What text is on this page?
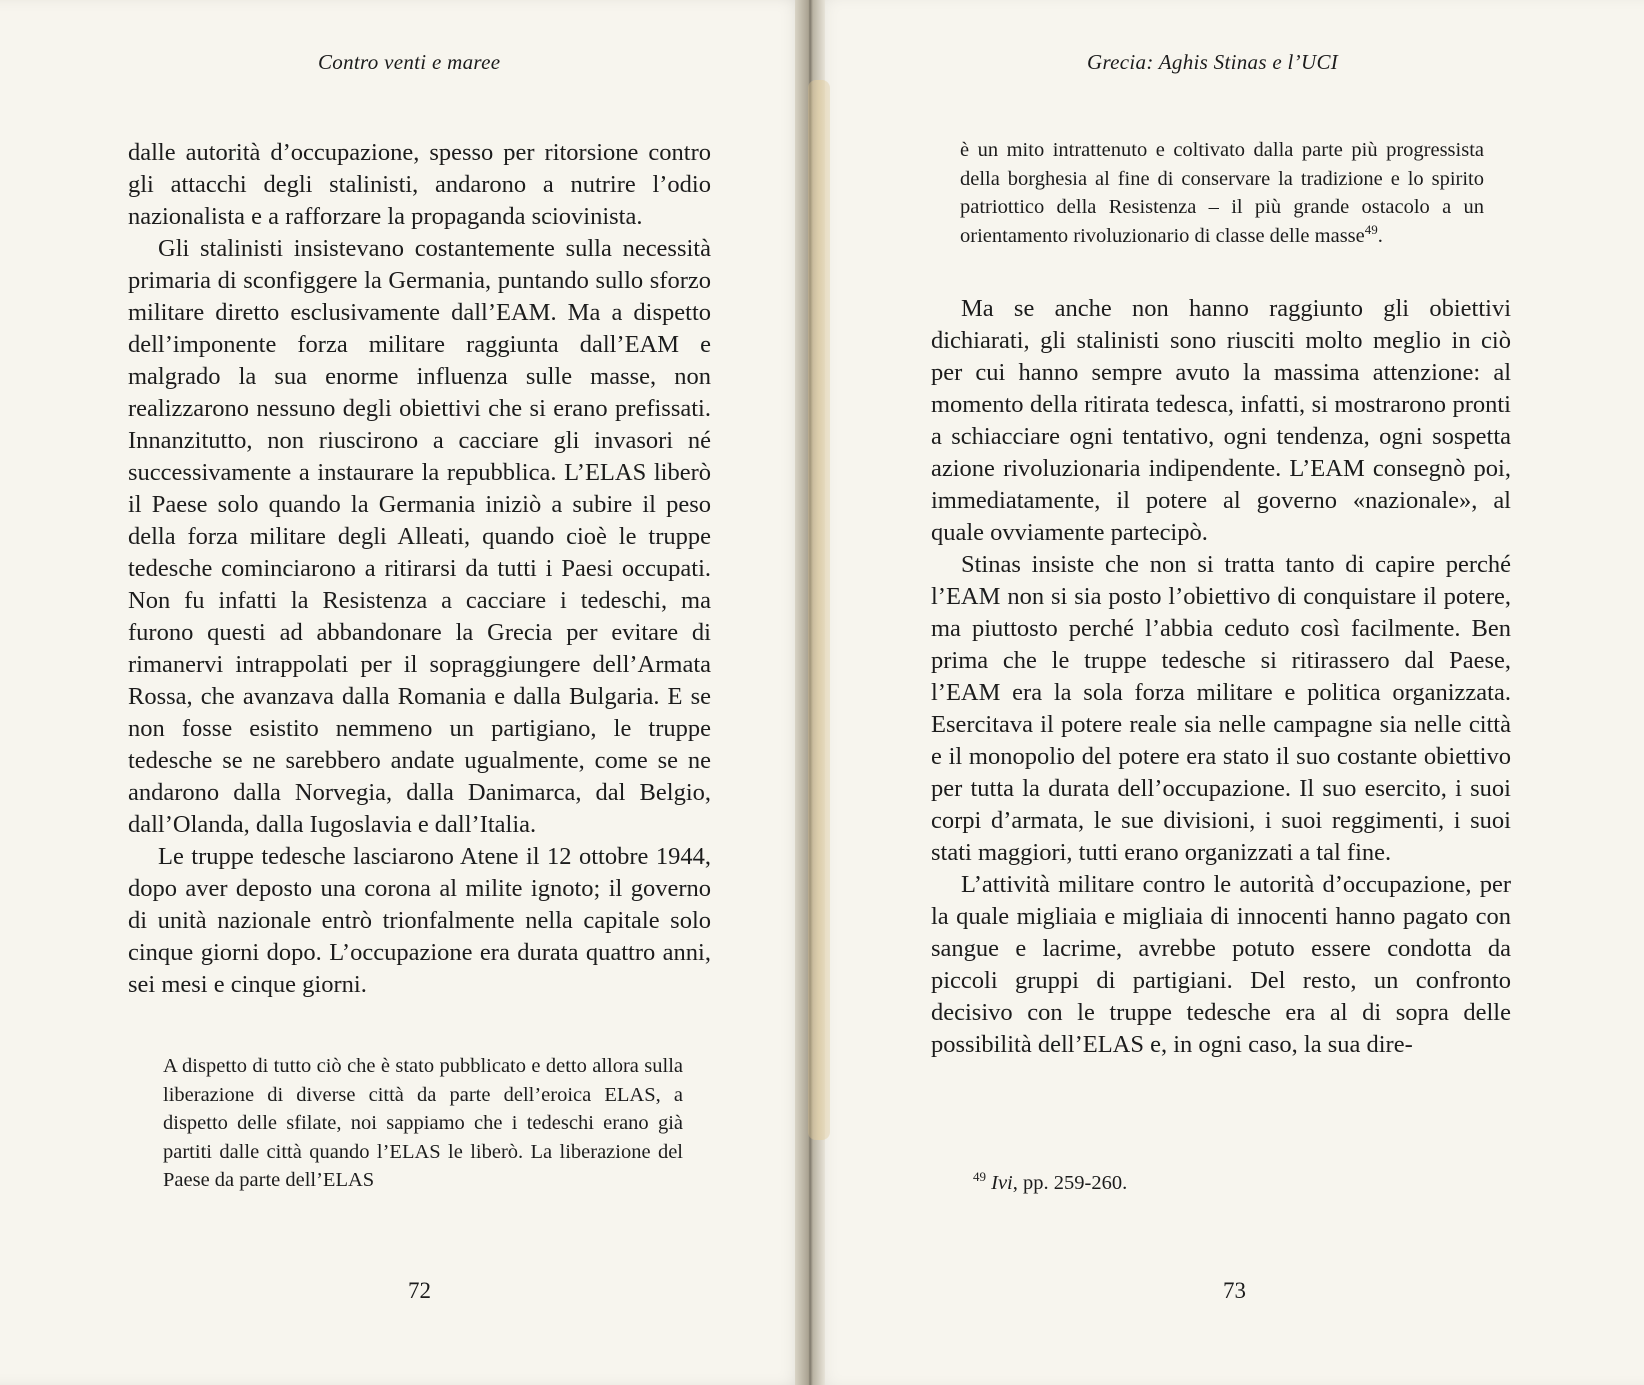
Contro venti e maree

dalle autorità d’occupazione, spesso per ritorsione contro gli attacchi degli stalinisti, andarono a nutrire l’odio nazionalista e a rafforzare la propaganda sciovinista.

Gli stalinisti insistevano costantemente sulla necessità primaria di sconfiggere la Germania, puntando sullo sforzo militare diretto esclusivamente dall’EAM. Ma a dispetto dell’imponente forza militare raggiunta dall’EAM e malgrado la sua enorme influenza sulle masse, non realizzarono nessuno degli obiettivi che si erano prefissati. Innanzitutto, non riuscirono a cacciare gli invasori né successivamente a instaurare la repubblica. L’ELAS liberò il Paese solo quando la Germania iniziò a subire il peso della forza militare degli Alleati, quando cioè le truppe tedesche cominciarono a ritirarsi da tutti i Paesi occupati. Non fu infatti la Resistenza a cacciare i tedeschi, ma furono questi ad abbandonare la Grecia per evitare di rimanervi intrappolati per il sopraggiungere dell’Armata Rossa, che avanzava dalla Romania e dalla Bulgaria. E se non fosse esistito nemmeno un partigiano, le truppe tedesche se ne sarebbero andate ugualmente, come se ne andarono dalla Norvegia, dalla Danimarca, dal Belgio, dall’Olanda, dalla Iugoslavia e dall’Italia.

Le truppe tedesche lasciarono Atene il 12 ottobre 1944, dopo aver deposto una corona al milite ignoto; il governo di unità nazionale entrò trionfalmente nella capitale solo cinque giorni dopo. L’occupazione era durata quattro anni, sei mesi e cinque giorni.

A dispetto di tutto ciò che è stato pubblicato e detto allora sulla liberazione di diverse città da parte dell’eroica ELAS, a dispetto delle sfilate, noi sappiamo che i tedeschi erano già partiti dalle città quando l’ELAS le liberò. La liberazione del Paese da parte dell’ELAS

72
Grecia: Aghis Stinas e l’UCI

è un mito intrattenuto e coltivato dalla parte più progressista della borghesia al fine di conservare la tradizione e lo spirito patriottico della Resistenza – il più grande ostacolo a un orientamento rivoluzionario di classe delle masse$^{49}$.

Ma se anche non hanno raggiunto gli obiettivi dichiarati, gli stalinisti sono riusciti molto meglio in ciò per cui hanno sempre avuto la massima attenzione: al momento della ritirata tedesca, infatti, si mostrarono pronti a schiacciare ogni tentativo, ogni tendenza, ogni sospetta azione rivoluzionaria indipendente. L’EAM consegnò poi, immediatamente, il potere al governo «nazionale», al quale ovviamente partecipò.

Stinas insiste che non si tratta tanto di capire perché l’EAM non si sia posto l’obiettivo di conquistare il potere, ma piuttosto perché l’abbia ceduto così facilmente. Ben prima che le truppe tedesche si ritirassero dal Paese, l’EAM era la sola forza militare e politica organizzata. Esercitava il potere reale sia nelle campagne sia nelle città e il monopolio del potere era stato il suo costante obiettivo per tutta la durata dell’occupazione. Il suo esercito, i suoi corpi d’armata, le sue divisioni, i suoi reggimenti, i suoi stati maggiori, tutti erano organizzati a tal fine.

L’attività militare contro le autorità d’occupazione, per la quale migliaia e migliaia di innocenti hanno pagato con sangue e lacrime, avrebbe potuto essere condotta da piccoli gruppi di partigiani. Del resto, un confronto decisivo con le truppe tedesche era al di sopra delle possibilità dell’ELAS e, in ogni caso, la sua dire-

$^{49}$ Ivi, pp. 259-260.
73
